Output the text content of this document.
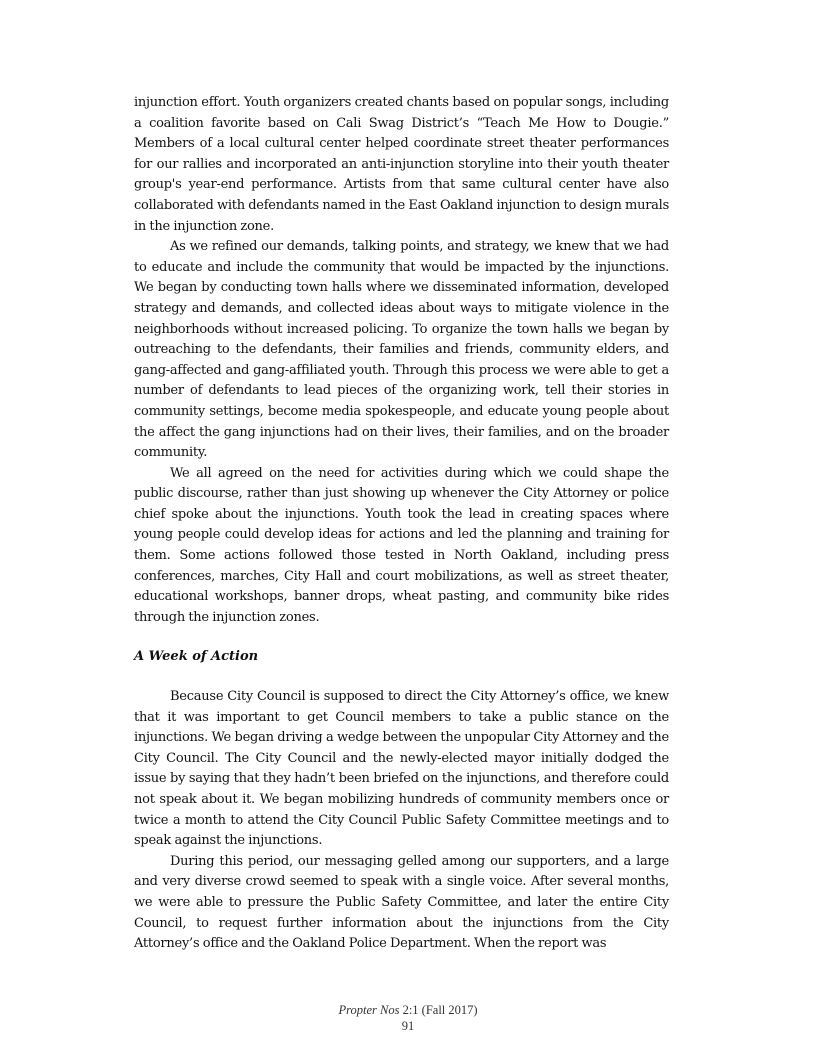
injunction effort. Youth organizers created chants based on popular songs, including a coalition favorite based on Cali Swag District’s “Teach Me How to Dougie.” Members of a local cultural center helped coordinate street theater performances for our rallies and incorporated an anti-injunction storyline into their youth theater group's year-end performance. Artists from that same cultural center have also collaborated with defendants named in the East Oakland injunction to design murals in the injunction zone.

As we refined our demands, talking points, and strategy, we knew that we had to educate and include the community that would be impacted by the injunctions. We began by conducting town halls where we disseminated information, developed strategy and demands, and collected ideas about ways to mitigate violence in the neighborhoods without increased policing. To organize the town halls we began by outreaching to the defendants, their families and friends, community elders, and gang-affected and gang-affiliated youth. Through this process we were able to get a number of defendants to lead pieces of the organizing work, tell their stories in community settings, become media spokespeople, and educate young people about the affect the gang injunctions had on their lives, their families, and on the broader community.

We all agreed on the need for activities during which we could shape the public discourse, rather than just showing up whenever the City Attorney or police chief spoke about the injunctions. Youth took the lead in creating spaces where young people could develop ideas for actions and led the planning and training for them. Some actions followed those tested in North Oakland, including press conferences, marches, City Hall and court mobilizations, as well as street theater, educational workshops, banner drops, wheat pasting, and community bike rides through the injunction zones.

A Week of Action

Because City Council is supposed to direct the City Attorney’s office, we knew that it was important to get Council members to take a public stance on the injunctions. We began driving a wedge between the unpopular City Attorney and the City Council. The City Council and the newly-elected mayor initially dodged the issue by saying that they hadn’t been briefed on the injunctions, and therefore could not speak about it. We began mobilizing hundreds of community members once or twice a month to attend the City Council Public Safety Committee meetings and to speak against the injunctions.

During this period, our messaging gelled among our supporters, and a large and very diverse crowd seemed to speak with a single voice. After several months, we were able to pressure the Public Safety Committee, and later the entire City Council, to request further information about the injunctions from the City Attorney’s office and the Oakland Police Department. When the report was

Propter Nos 2:1 (Fall 2017)
91
